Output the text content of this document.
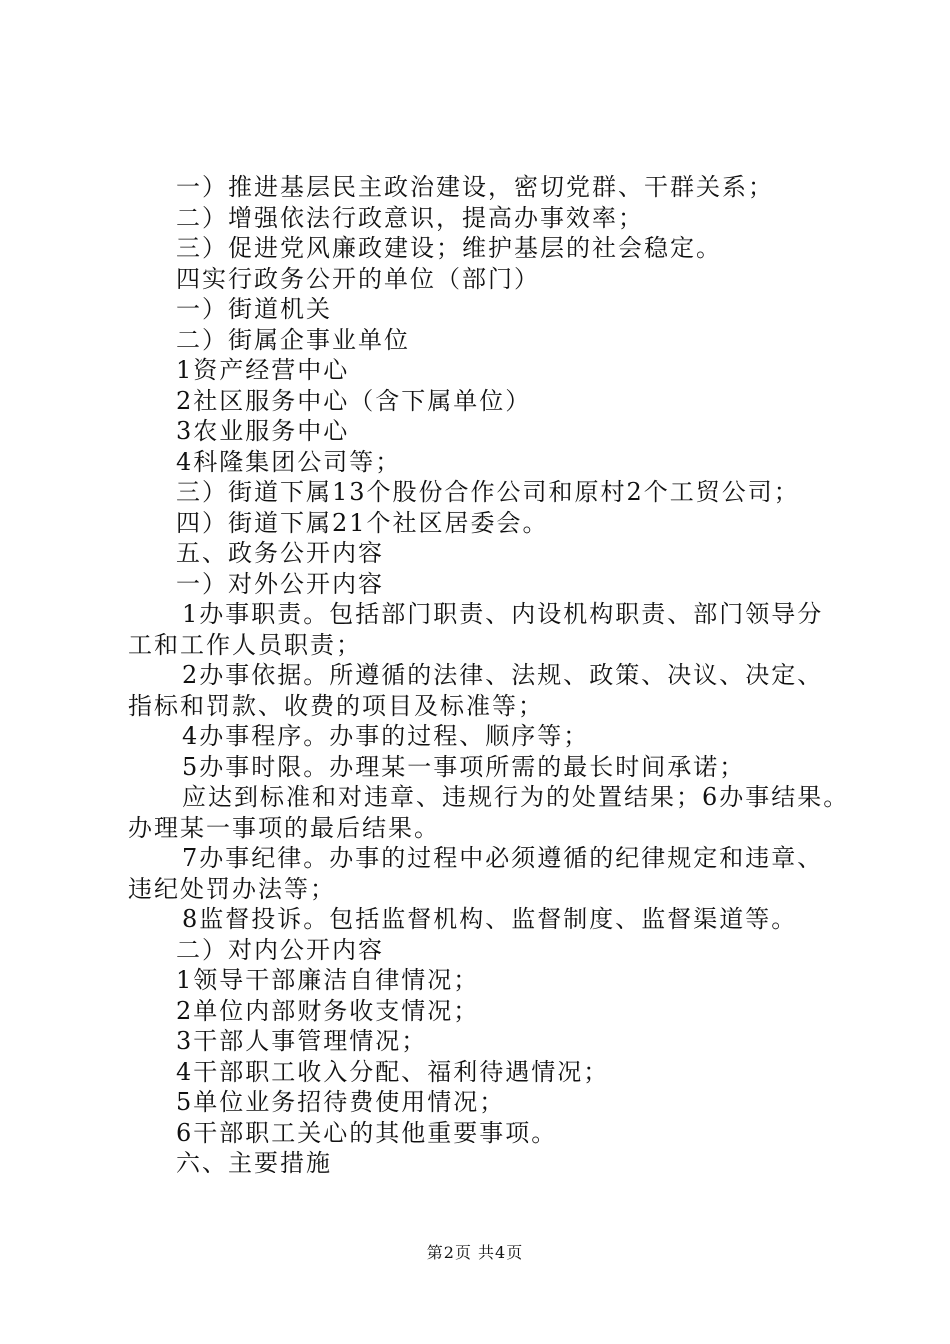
一）推进基层民主政治建设，密切党群、干群关系；
二）增强依法行政意识，提高办事效率；
三）促进党风廉政建设；维护基层的社会稳定。
四实行政务公开的单位（部门）
一）街道机关
二）街属企事业单位
1资产经营中心
2社区服务中心（含下属单位）
3农业服务中心
4科隆集团公司等；
三）街道下属13个股份合作公司和原村2个工贸公司；
四）街道下属21个社区居委会。
五、政务公开内容
一）对外公开内容
1办事职责。包括部门职责、内设机构职责、部门领导分
工和工作人员职责；
2办事依据。所遵循的法律、法规、政策、决议、决定、
指标和罚款、收费的项目及标准等；
4办事程序。办事的过程、顺序等；
5办事时限。办理某一事项所需的最长时间承诺；
应达到标准和对违章、违规行为的处置结果；6办事结果。
办理某一事项的最后结果。
7办事纪律。办事的过程中必须遵循的纪律规定和违章、
违纪处罚办法等；
8监督投诉。包括监督机构、监督制度、监督渠道等。
二）对内公开内容
1领导干部廉洁自律情况；
2单位内部财务收支情况；
3干部人事管理情况；
4干部职工收入分配、福利待遇情况；
5单位业务招待费使用情况；
6干部职工关心的其他重要事项。
六、主要措施
第2页 共4页
